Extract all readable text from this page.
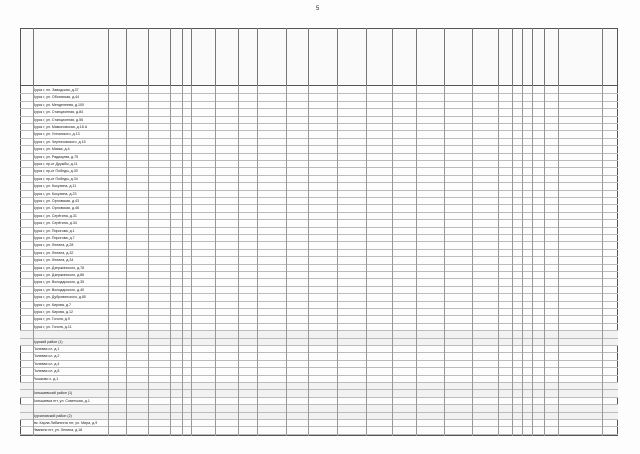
5
Курск г, пл. Заводская, д.37
Курск г, ул. Обоянская, д.44
Курск г, ул. Менделеева, д.100
Курск г, ул. Станционная, д.84
Курск г, ул. Станционная, д.56
Курск г, ул. Мамоновская, д.18 А
Курск г, ул. Ухтомского, д.13
Курск г, ул. Черняховского, д.15
Курск г, ул. Маяка, д.4
Курск г, ул. Радищева, д.75
Курск г, пр-кт Дружбы, д.11
Курск г, пр-кт Победы, д.30
Курск г, пр-кт Победы, д.34
Курск г, ул. Косухина, д.11
Курск г, ул. Косухина, д.23
Курск г, ул. Орловская, д.43
Курск г, ул. Орловская, д.46
Курск г, ул. Серёгина, д.31
Курск г, ул. Серёгина, д.34
Курск г, ул. Пирогова, д.1
Курск г, ул. Пирогова, д.7
Курск г, ул. Ленина, д.28
Курск г, ул. Ленина, д.32
Курск г, ул. Ленина, д.34
Курск г, ул. Дзержинского, д.78
Курск г, ул. Дзержинского, д.86
Курск г, ул. Володарского, д.35
Курск г, ул. Володарского, д.40
Курск г, ул. Дубровинского, д.80
Курск г, ул. Кирова, д.7
Курск г, ул. Кирова, д.12
Курск г, ул. Гоголя, д.9
Курск г, ул. Гоголя, д.11
Курский район (1)
Полевая сл. д.1
Полевая сл. д.2
Полевая сл. д.4
Полевая сл. д.8
Рышково с. д.1
Конышевский район (1)
Конышевка пгт, ул. Советская, д.1
Курчатовский район (2)
им. Карла Либкнехта пгт, ул. Мира, д.9
Иванино пгт, ул. Ленина, д.18
